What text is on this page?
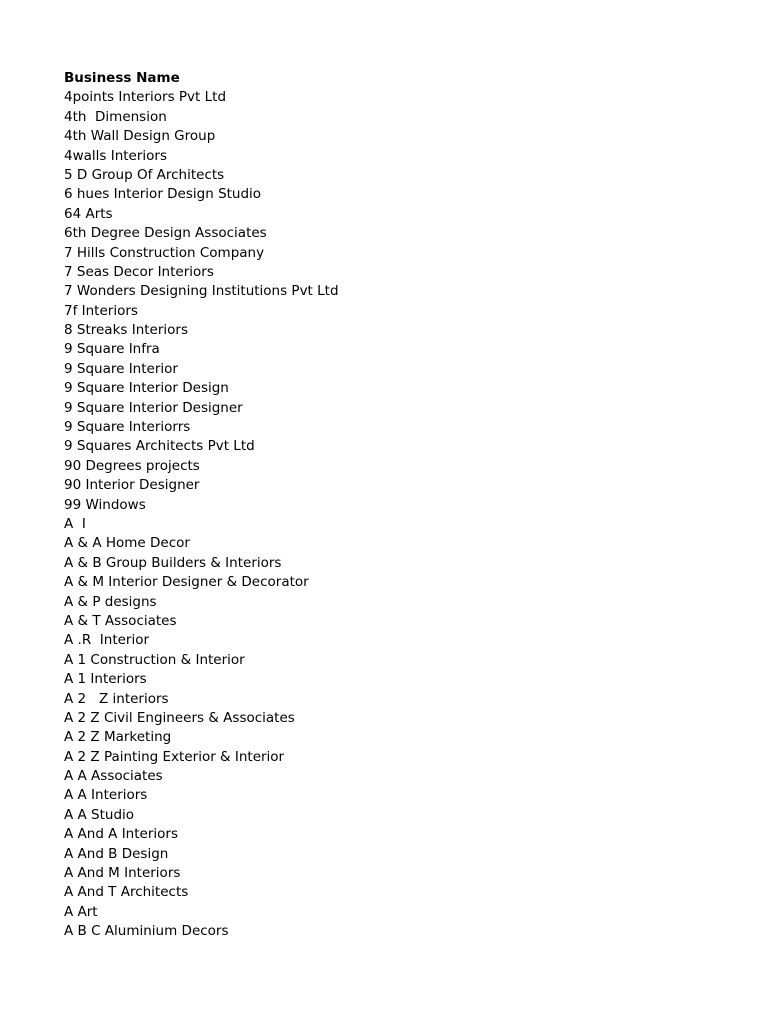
Business Name
4points Interiors Pvt Ltd
4th  Dimension
4th Wall Design Group
4walls Interiors
5 D Group Of Architects
6 hues Interior Design Studio
64 Arts
6th Degree Design Associates
7 Hills Construction Company
7 Seas Decor Interiors
7 Wonders Designing Institutions Pvt Ltd
7f Interiors
8 Streaks Interiors
9 Square Infra
9 Square Interior
9 Square Interior Design
9 Square Interior Designer
9 Square Interiorrs
9 Squares Architects Pvt Ltd
90 Degrees projects
90 Interior Designer
99 Windows
A  I
A & A Home Decor
A & B Group Builders & Interiors
A & M Interior Designer & Decorator
A & P designs
A & T Associates
A .R  Interior
A 1 Construction & Interior
A 1 Interiors
A 2   Z interiors
A 2 Z Civil Engineers & Associates
A 2 Z Marketing
A 2 Z Painting Exterior & Interior
A A Associates
A A Interiors
A A Studio
A And A Interiors
A And B Design
A And M Interiors
A And T Architects
A Art
A B C Aluminium Decors
